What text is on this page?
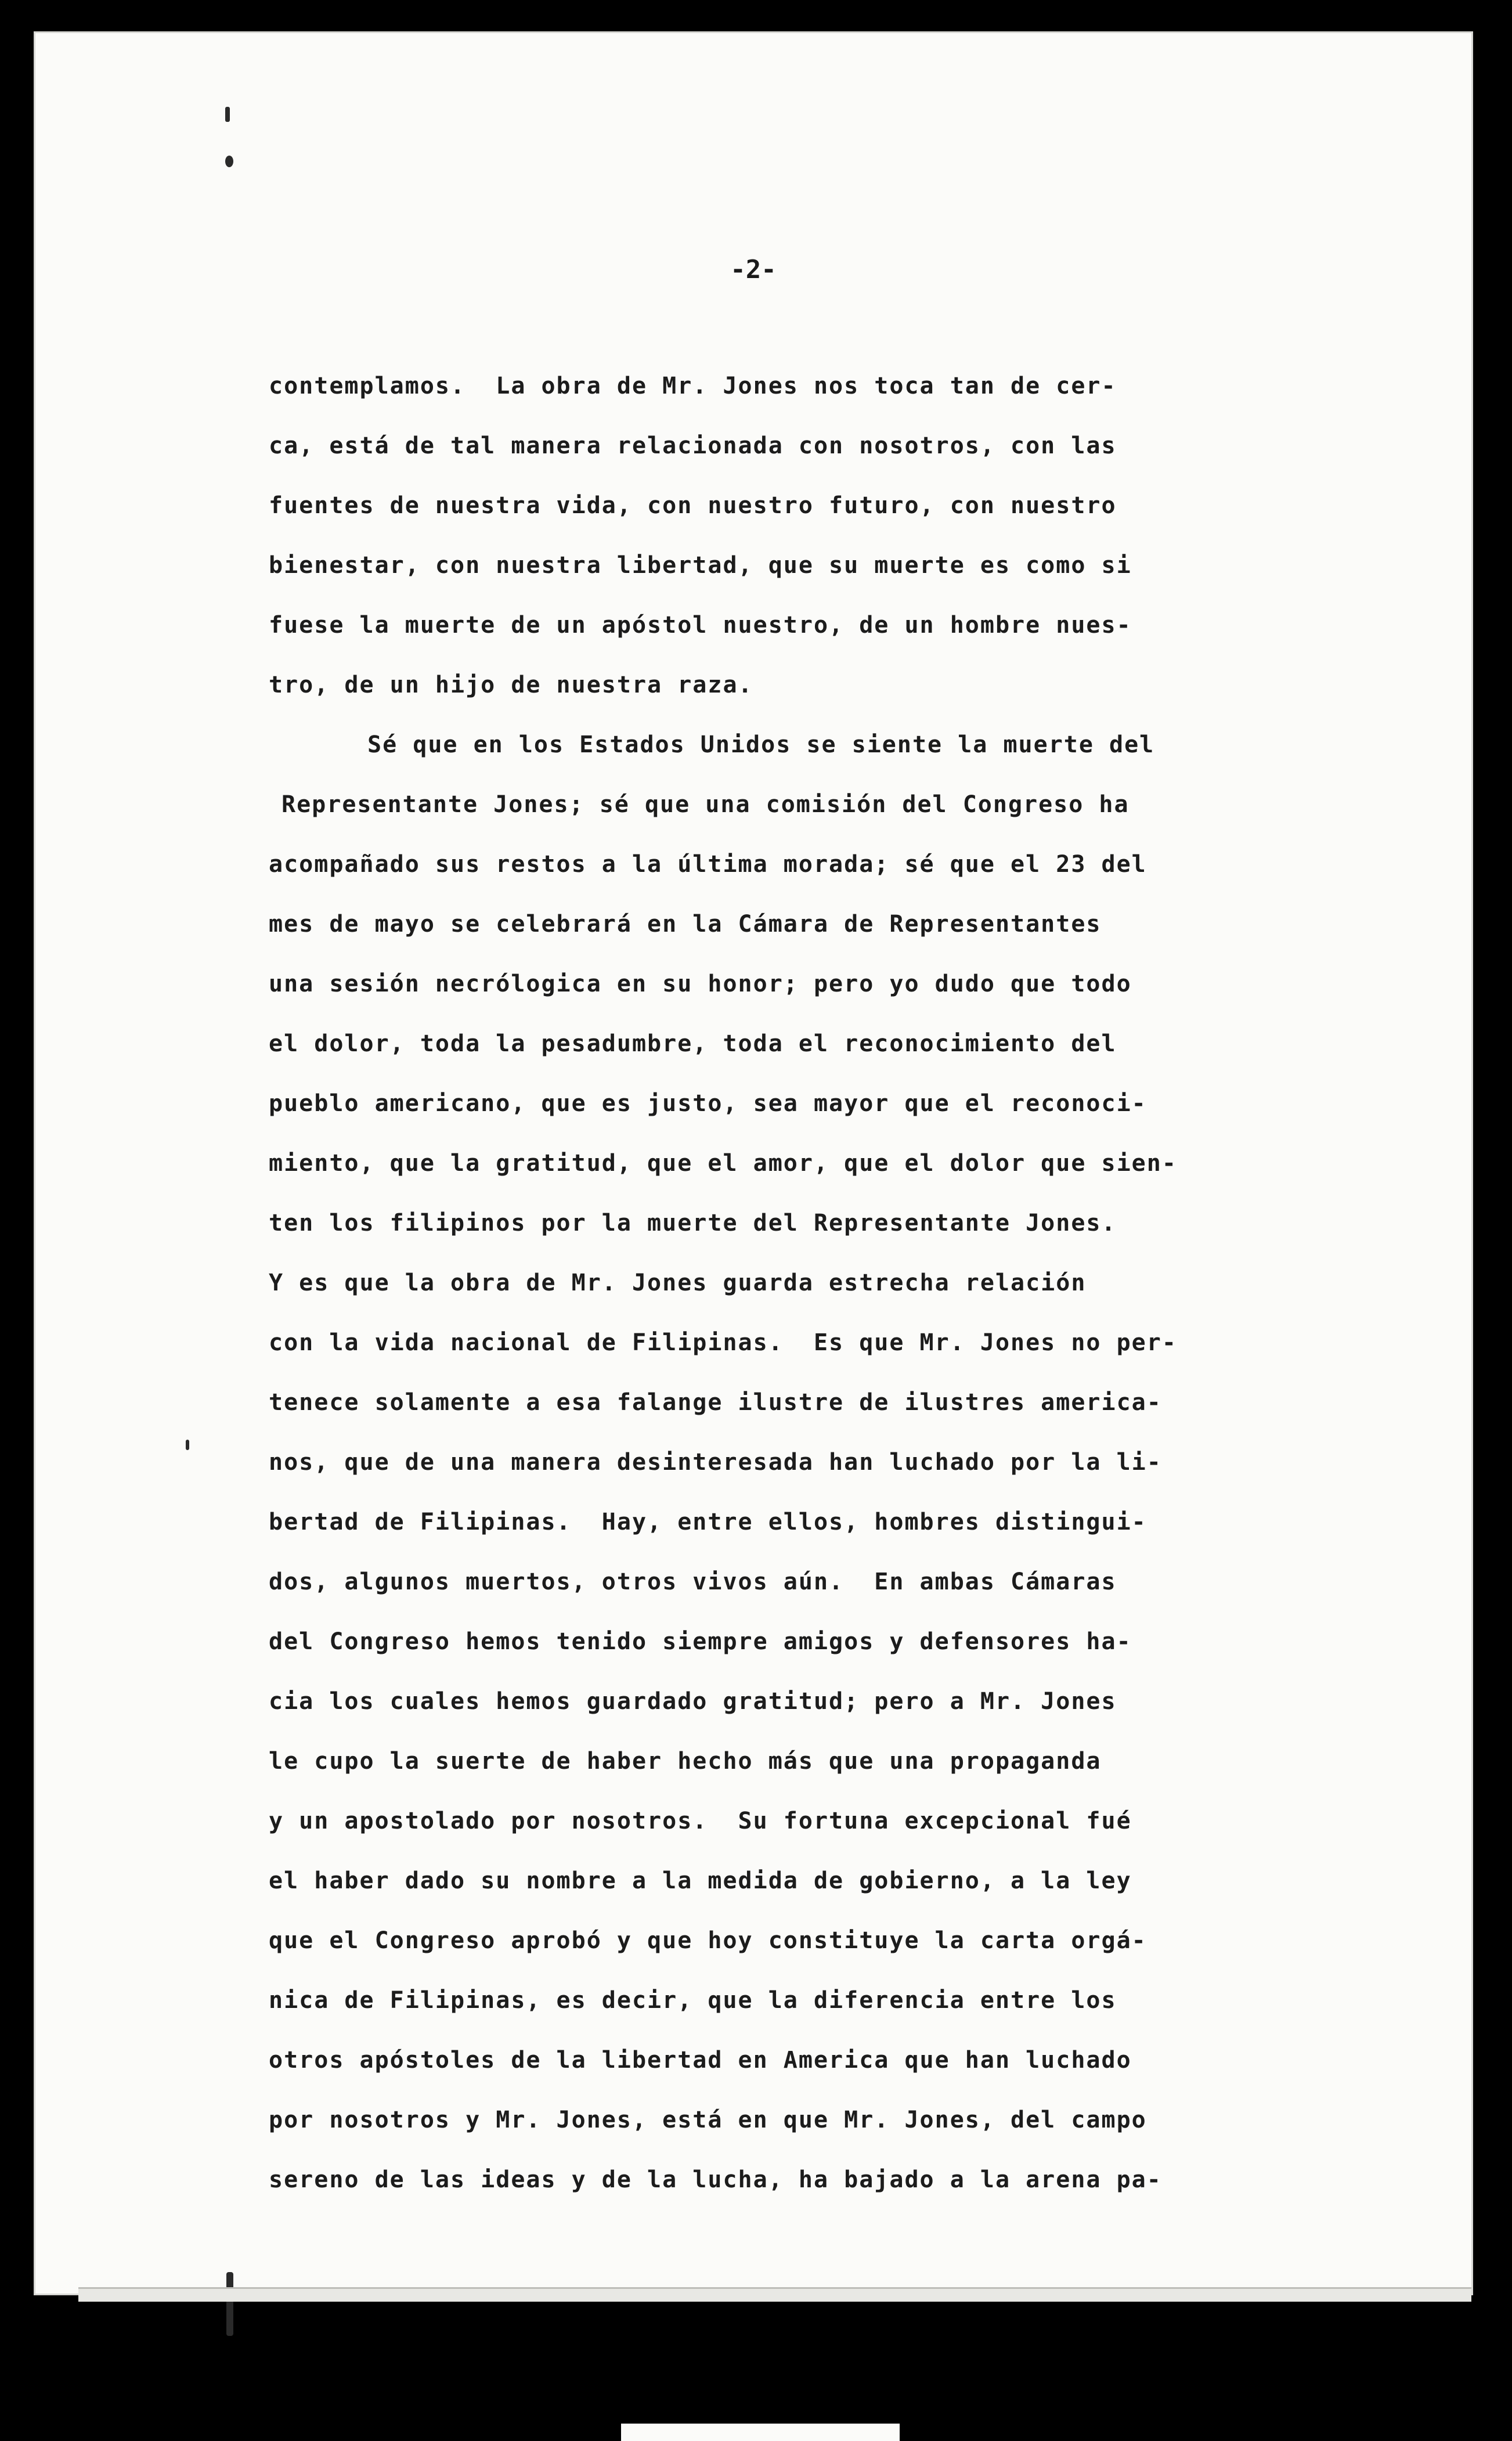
-2-
contemplamos.  La obra de Mr. Jones nos toca tan de cer-
ca, está de tal manera relacionada con nosotros, con las
fuentes de nuestra vida, con nuestro futuro, con nuestro
bienestar, con nuestra libertad, que su muerte es como si
fuese la muerte de un apóstol nuestro, de un hombre nues-
tro, de un hijo de nuestra raza.
Sé que en los Estados Unidos se siente la muerte del
Representante Jones; sé que una comisión del Congreso ha
acompañado sus restos a la última morada; sé que el 23 del
mes de mayo se celebrará en la Cámara de Representantes
una sesión necrólogica en su honor; pero yo dudo que todo
el dolor, toda la pesadumbre, toda el reconocimiento del
pueblo americano, que es justo, sea mayor que el reconoci-
miento, que la gratitud, que el amor, que el dolor que sien-
ten los filipinos por la muerte del Representante Jones.
Y es que la obra de Mr. Jones guarda estrecha relación
con la vida nacional de Filipinas.  Es que Mr. Jones no per-
tenece solamente a esa falange ilustre de ilustres america-
nos, que de una manera desinteresada han luchado por la li-
bertad de Filipinas.  Hay, entre ellos, hombres distingui-
dos, algunos muertos, otros vivos aún.  En ambas Cámaras
del Congreso hemos tenido siempre amigos y defensores ha-
cia los cuales hemos guardado gratitud; pero a Mr. Jones
le cupo la suerte de haber hecho más que una propaganda
y un apostolado por nosotros.  Su fortuna excepcional fué
el haber dado su nombre a la medida de gobierno, a la ley
que el Congreso aprobó y que hoy constituye la carta orgá-
nica de Filipinas, es decir, que la diferencia entre los
otros apóstoles de la libertad en America que han luchado
por nosotros y Mr. Jones, está en que Mr. Jones, del campo
sereno de las ideas y de la lucha, ha bajado a la arena pa-
